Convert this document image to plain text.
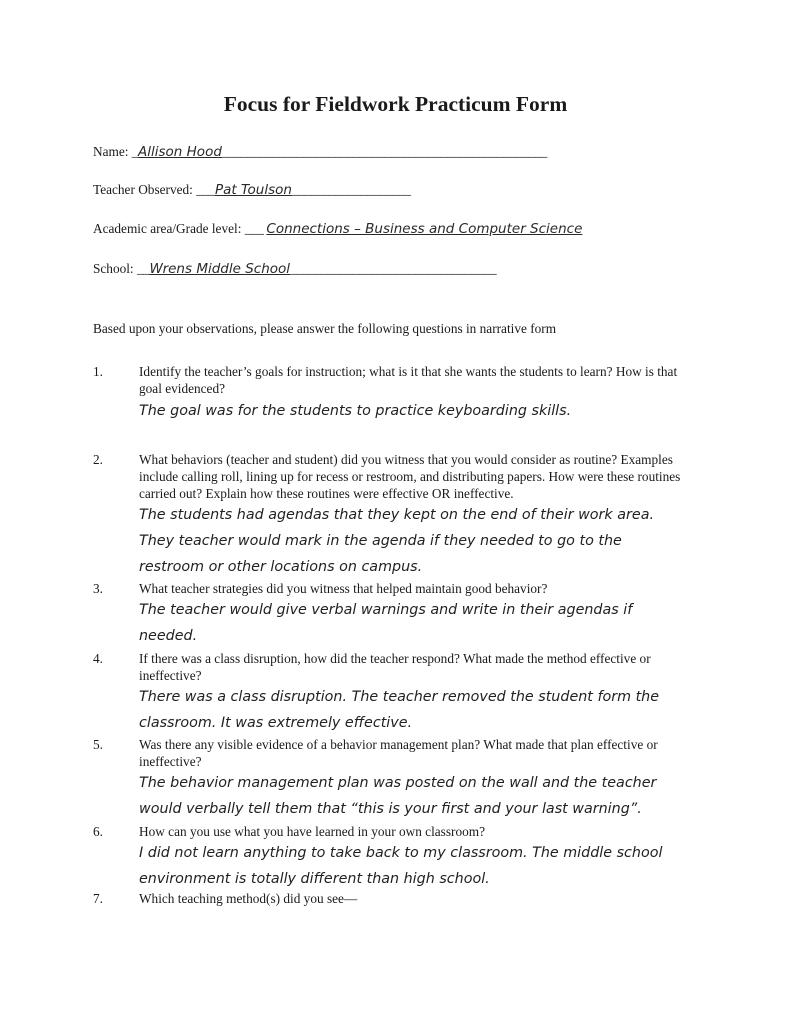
Focus for Fieldwork Practicum Form
Name: _Allison Hood____________________________________________________
Teacher Observed: ___Pat Toulson___________________
Academic area/Grade level: ___ Connections – Business and Computer Science
School: __Wrens Middle School_________________________________
Based upon your observations, please answer the following questions in narrative form
1.	Identify the teacher’s goals for instruction; what is it that she wants the students to learn? How is that goal evidenced?
The goal was for the students to practice keyboarding skills.
2.	What behaviors (teacher and student) did you witness that you would consider as routine? Examples include calling roll, lining up for recess or restroom, and distributing papers. How were these routines carried out? Explain how these routines were effective OR ineffective.
The students had agendas that they kept on the end of their work area.
They teacher would mark in the agenda if they needed to go to the
restroom or other locations on campus.
3.	What teacher strategies did you witness that helped maintain good behavior?
The teacher would give verbal warnings and write in their agendas if
needed.
4.	If there was a class disruption, how did the teacher respond? What made the method effective or ineffective?
There was a class disruption. The teacher removed the student form the
classroom. It was extremely effective.
5.	Was there any visible evidence of a behavior management plan? What made that plan effective or ineffective?
The behavior management plan was posted on the wall and the teacher
would verbally tell them that “this is your first and your last warning”.
6.	How can you use what you have learned in your own classroom?
I did not learn anything to take back to my classroom. The middle school
environment is totally different than high school.
7.	Which teaching method(s) did you see—
